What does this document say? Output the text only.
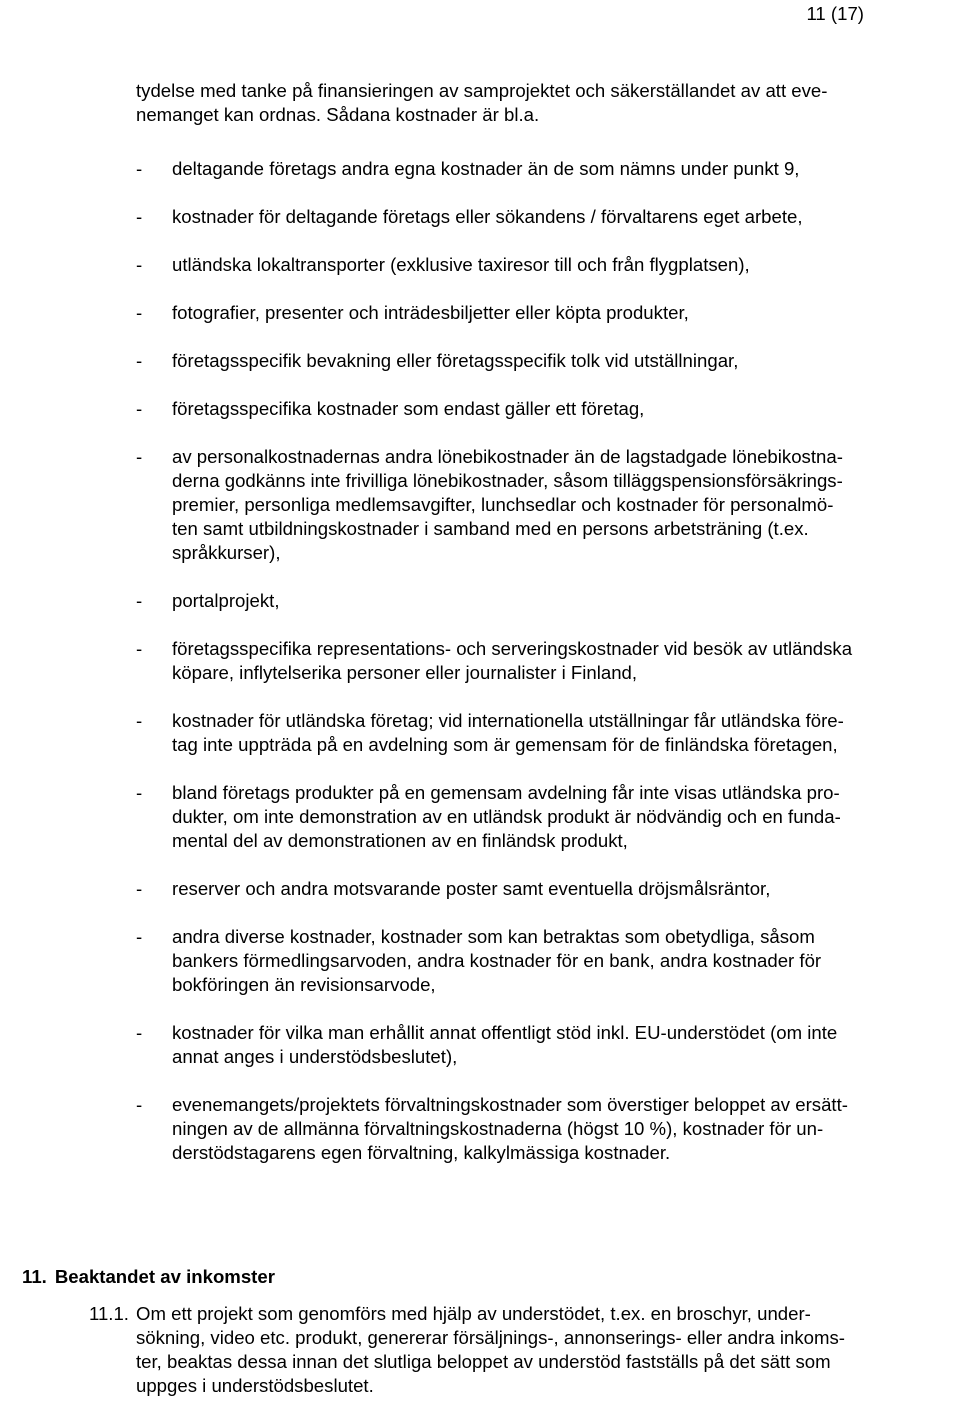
11 (17)

tydelse med tanke på finansieringen av samprojektet och säkerställandet av att eve-
nemanget kan ordnas. Sådana kostnader är bl.a.

- deltagande företags andra egna kostnader än de som nämns under punkt 9,
- kostnader för deltagande företags eller sökandens / förvaltarens eget arbete,
- utländska lokaltransporter (exklusive taxiresor till och från flygplatsen),
- fotografier, presenter och inträdesbiljetter eller köpta produkter,
- företagsspecifik bevakning eller företagsspecifik tolk vid utställningar,
- företagsspecifika kostnader som endast gäller ett företag,
- av personalkostnadernas andra lönebikostnader än de lagstadgade lönebikostna-
derna godkänns inte frivilliga lönebikostnader, såsom tilläggspensionsförsäkrings-
premier, personliga medlemsavgifter, lunchsedlar och kostnader för personalmö-
ten samt utbildningskostnader i samband med en persons arbetsträning (t.ex.
språkkurser),
- portalprojekt,
- företagsspecifika representations- och serveringskostnader vid besök av utländska
köpare, inflytelserika personer eller journalister i Finland,
- kostnader för utländska företag; vid internationella utställningar får utländska före-
tag inte uppträda på en avdelning som är gemensam för de finländska företagen,
- bland företags produkter på en gemensam avdelning får inte visas utländska pro-
dukter, om inte demonstration av en utländsk produkt är nödvändig och en funda-
mental del av demonstrationen av en finländsk produkt,
- reserver och andra motsvarande poster samt eventuella dröjsmålsräntor,
- andra diverse kostnader, kostnader som kan betraktas som obetydliga, såsom
bankers förmedlingsarvoden, andra kostnader för en bank, andra kostnader för
bokföringen än revisionsarvode,
- kostnader för vilka man erhållit annat offentligt stöd inkl. EU-understödet (om inte
annat anges i understödsbeslutet),
- evenemangets/projektets förvaltningskostnader som överstiger beloppet av ersätt-
ningen av de allmänna förvaltningskostnaderna (högst 10 %), kostnader för un-
derstödstagarens egen förvaltning, kalkylmässiga kostnader.
11. Beaktandet av inkomster
11.1. Om ett projekt som genomförs med hjälp av understödet, t.ex. en broschyr, under-
sökning, video etc. produkt, genererar försäljnings-, annonserings- eller andra inkoms-
ter, beaktas dessa innan det slutliga beloppet av understöd fastställs på det sätt som
uppges i understödsbeslutet.
